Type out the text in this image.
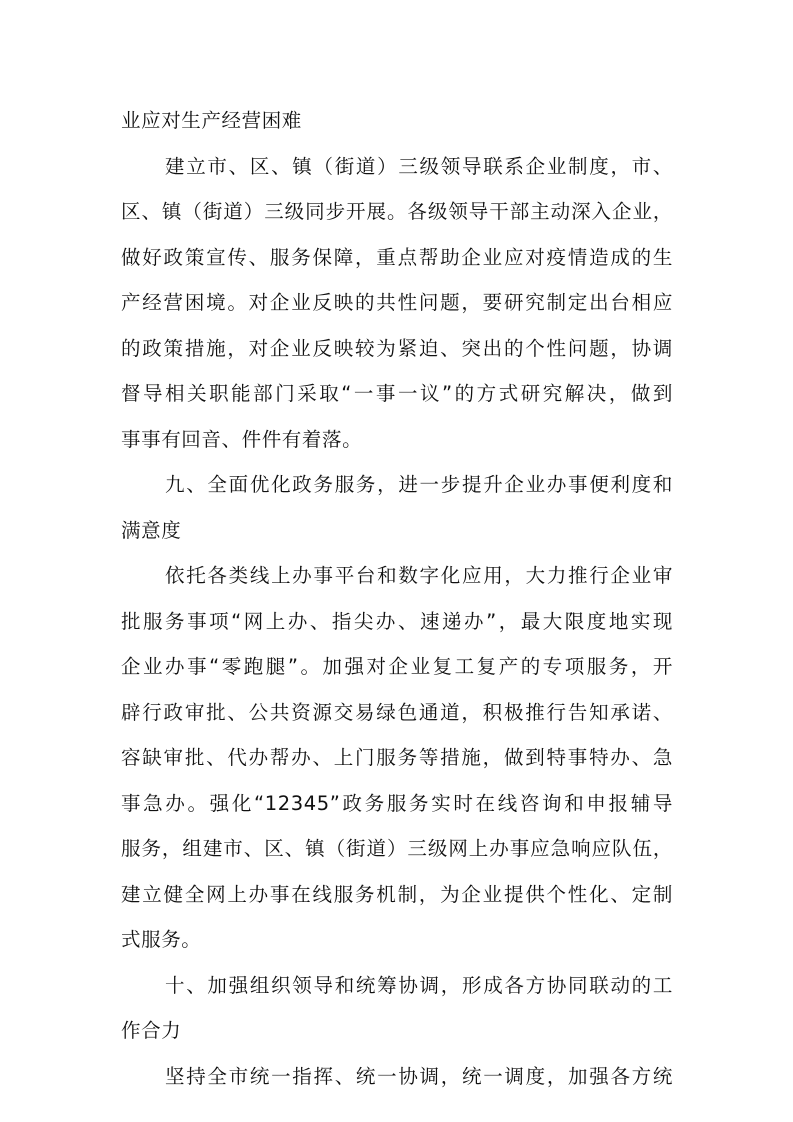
业应对生产经营困难
建立市、区、镇（街道）三级领导联系企业制度，市、
区、镇（街道）三级同步开展。各级领导干部主动深入企业，
做好政策宣传、服务保障，重点帮助企业应对疫情造成的生
产经营困境。对企业反映的共性问题，要研究制定出台相应
的政策措施，对企业反映较为紧迫、突出的个性问题，协调
督导相关职能部门采取“一事一议”的方式研究解决，做到
事事有回音、件件有着落。
九、全面优化政务服务，进一步提升企业办事便利度和
满意度
依托各类线上办事平台和数字化应用，大力推行企业审
批服务事项“网上办、指尖办、速递办”，最大限度地实现
企业办事“零跑腿”。加强对企业复工复产的专项服务，开
辟行政审批、公共资源交易绿色通道，积极推行告知承诺、
容缺审批、代办帮办、上门服务等措施，做到特事特办、急
事急办。强化“12345”政务服务实时在线咨询和申报辅导
服务，组建市、区、镇（街道）三级网上办事应急响应队伍，
建立健全网上办事在线服务机制，为企业提供个性化、定制
式服务。
十、加强组织领导和统筹协调，形成各方协同联动的工
作合力
坚持全市统一指挥、统一协调，统一调度，加强各方统
